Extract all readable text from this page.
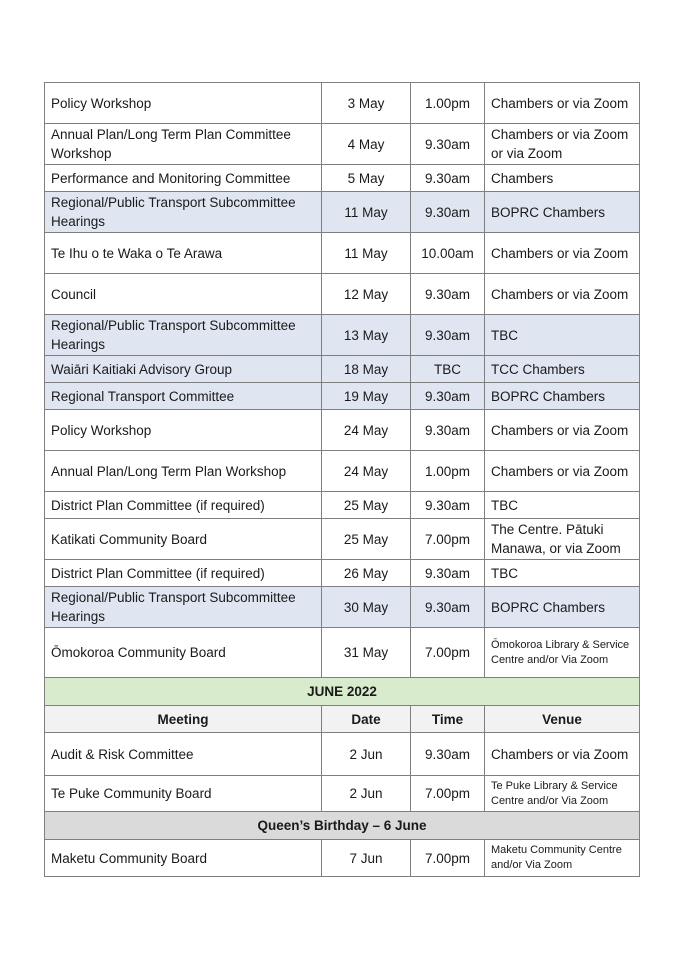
Policy Workshop	3 May	1.00pm	Chambers or via Zoom
Annual Plan/Long Term Plan Committee Workshop	4 May	9.30am	Chambers or via Zoom or via Zoom
Performance and Monitoring Committee	5 May	9.30am	Chambers
Regional/Public Transport Subcommittee Hearings	11 May	9.30am	BOPRC Chambers
Te Ihu o te Waka o Te Arawa	11 May	10.00am	Chambers or via Zoom
Council	12 May	9.30am	Chambers or via Zoom
Regional/Public Transport Subcommittee Hearings	13 May	9.30am	TBC
Waiāri Kaitiaki Advisory Group	18 May	TBC	TCC Chambers
Regional Transport Committee	19 May	9.30am	BOPRC Chambers
Policy Workshop	24 May	9.30am	Chambers or via Zoom
Annual Plan/Long Term Plan Workshop	24 May	1.00pm	Chambers or via Zoom
District Plan Committee (if required)	25 May	9.30am	TBC
Katikati Community Board	25 May	7.00pm	The Centre. Pātuki Manawa, or via Zoom
District Plan Committee (if required)	26 May	9.30am	TBC
Regional/Public Transport Subcommittee Hearings	30 May	9.30am	BOPRC Chambers
Ōmokoroa Community Board	31 May	7.00pm	Ōmokoroa Library & Service Centre and/or Via Zoom
JUNE 2022			
Meeting	Date	Time	Venue
Audit & Risk Committee	2 Jun	9.30am	Chambers or via Zoom
Te Puke Community Board	2 Jun	7.00pm	Te Puke Library & Service Centre and/or Via Zoom
Queen’s Birthday – 6 June			
Maketu Community Board	7 Jun	7.00pm	Maketu Community Centre and/or Via Zoom
